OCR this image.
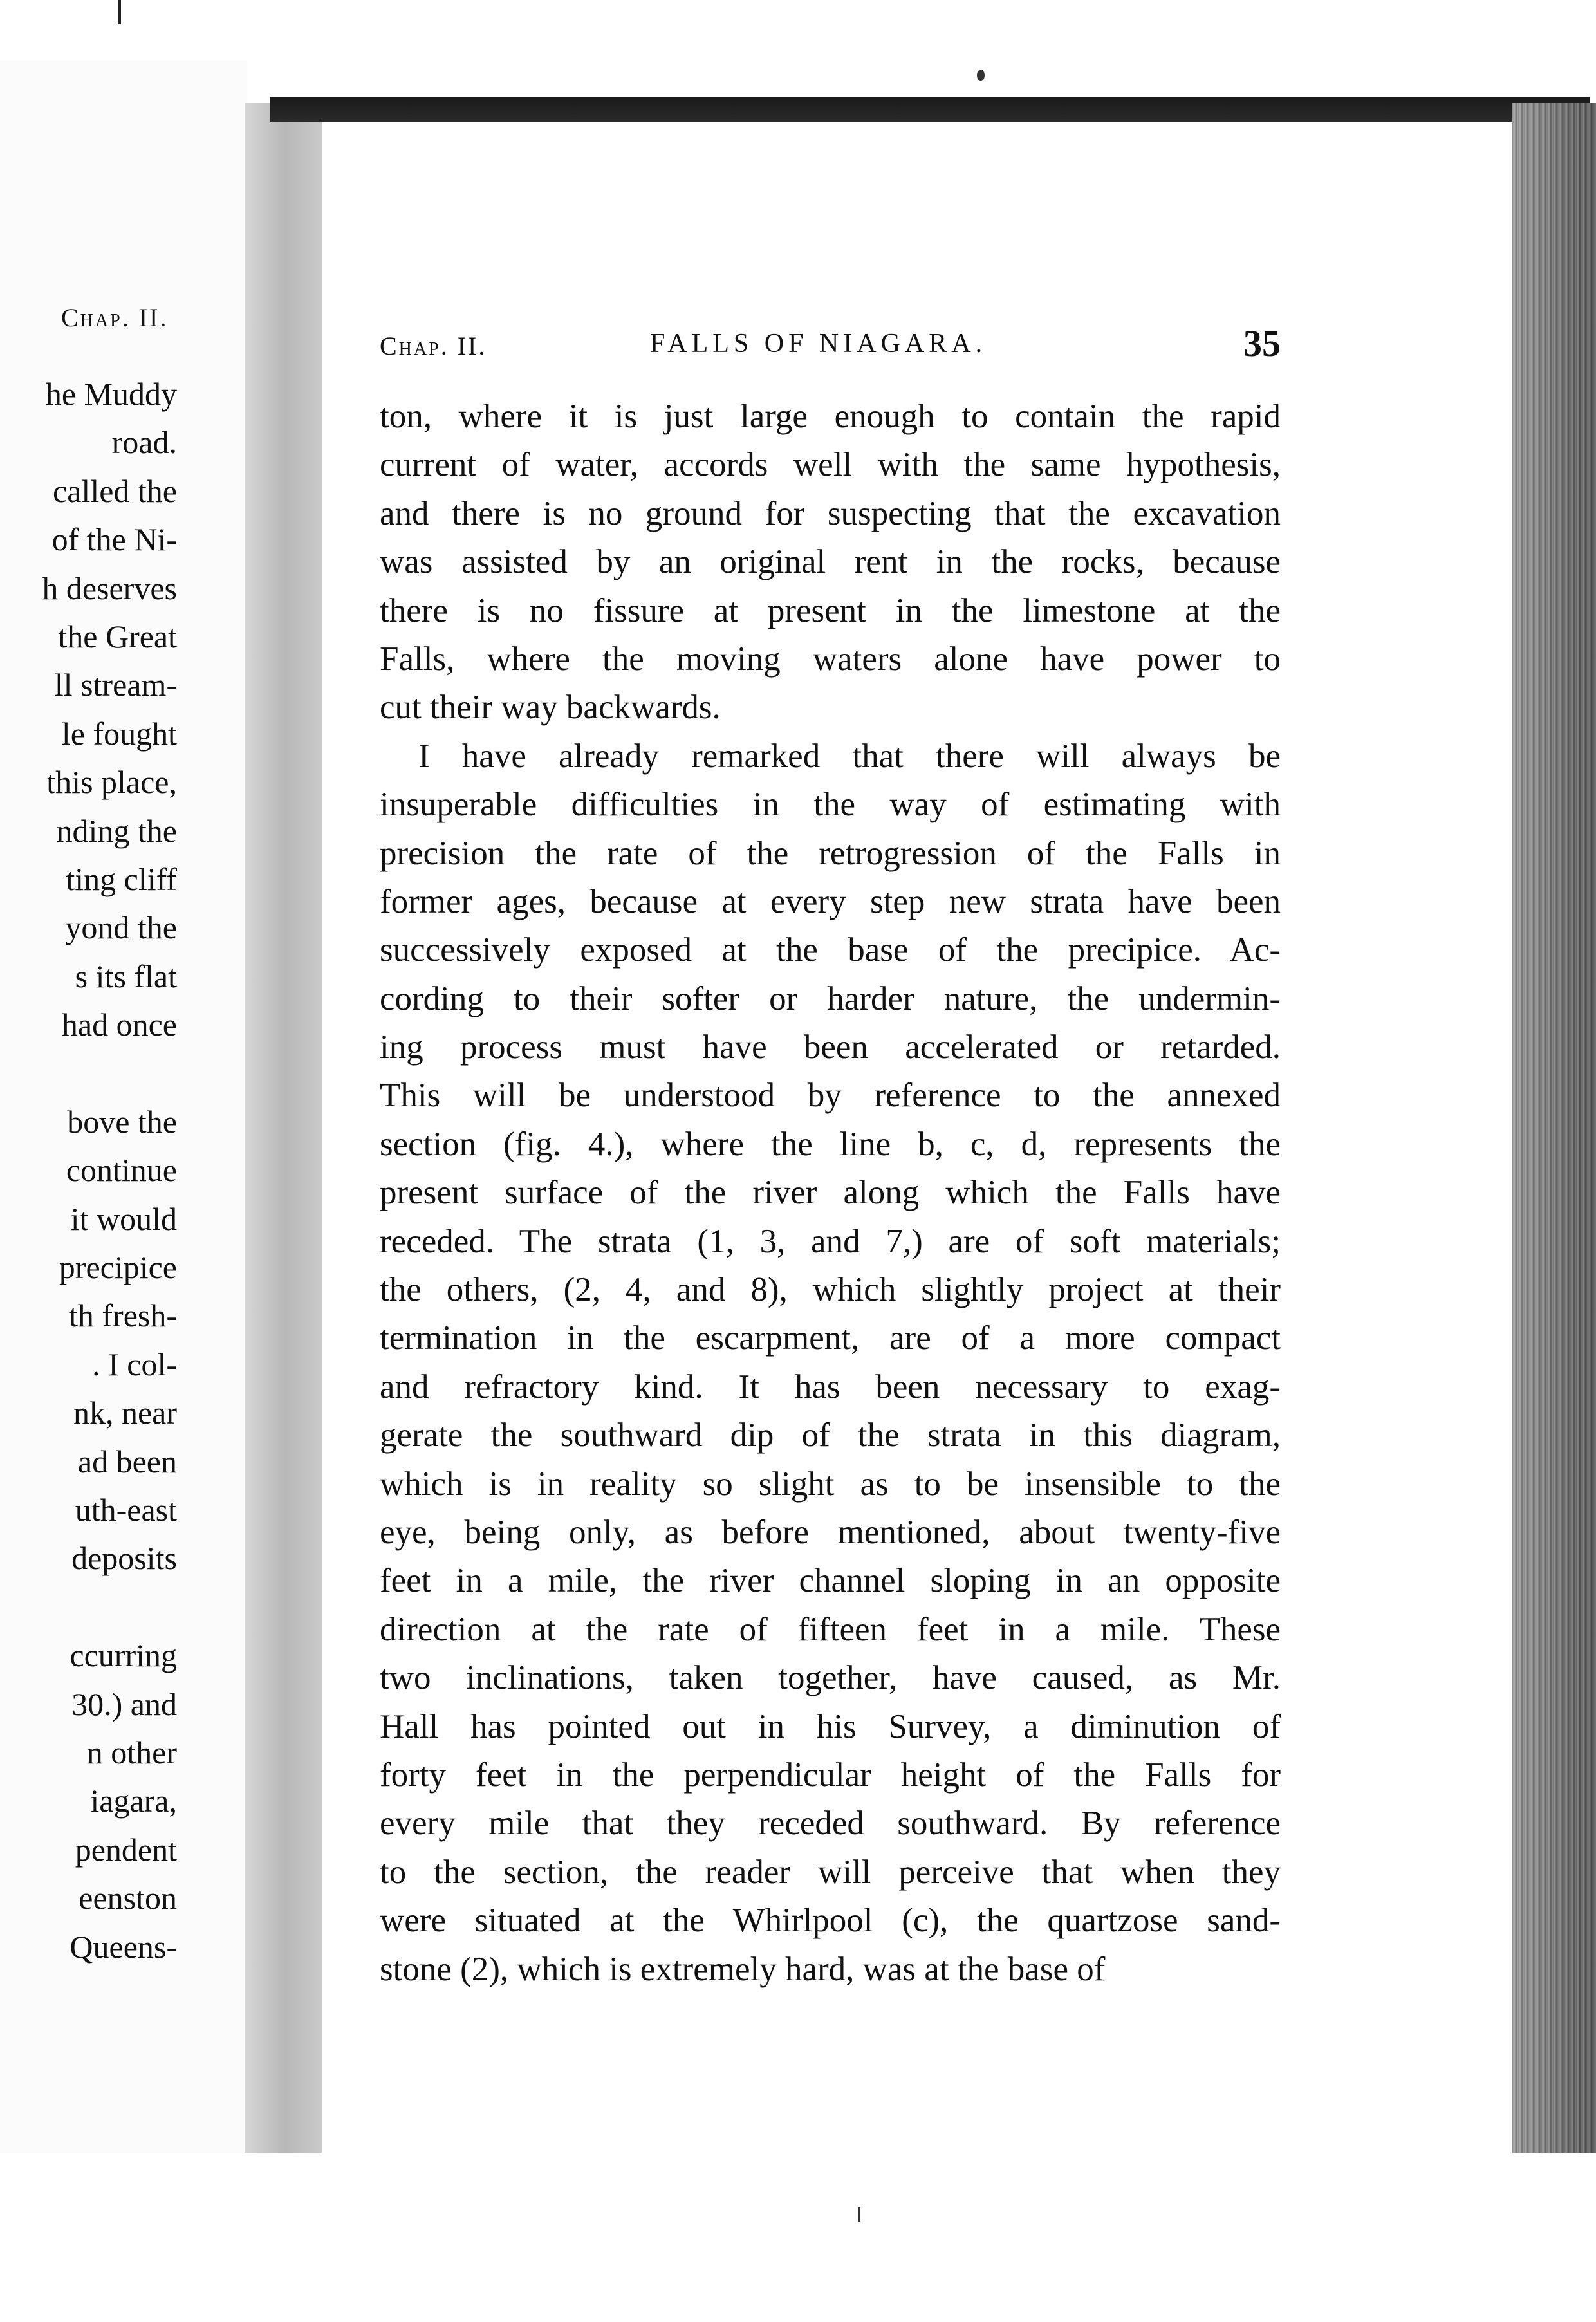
Chap. II.
he Muddy
road.
called the
of the Ni-
h deserves
the Great
ll stream-
le fought
this place,
nding the
ting cliff
yond the
s its flat
had once
bove the
continue
it would
precipice
th fresh-
. I col-
nk, near
ad been
uth-east
deposits
ccurring
30.) and
n other
iagara,
pendent
eenston
Queens-
Chap. II.	FALLS OF NIAGARA.	35
ton, where it is just large enough to contain the rapid
current of water, accords well with the same hypothesis,
and there is no ground for suspecting that the excavation
was assisted by an original rent in the rocks, because
there is no fissure at present in the limestone at the
Falls, where the moving waters alone have power to
cut their way backwards.
I have already remarked that there will always be
insuperable difficulties in the way of estimating with
precision the rate of the retrogression of the Falls in
former ages, because at every step new strata have been
successively exposed at the base of the precipice. Ac-
cording to their softer or harder nature, the undermin-
ing process must have been accelerated or retarded.
This will be understood by reference to the annexed
section (fig. 4.), where the line b, c, d, represents the
present surface of the river along which the Falls have
receded. The strata (1, 3, and 7,) are of soft materials;
the others, (2, 4, and 8), which slightly project at their
termination in the escarpment, are of a more compact
and refractory kind. It has been necessary to exag-
gerate the southward dip of the strata in this diagram,
which is in reality so slight as to be insensible to the
eye, being only, as before mentioned, about twenty-five
feet in a mile, the river channel sloping in an opposite
direction at the rate of fifteen feet in a mile. These
two inclinations, taken together, have caused, as Mr.
Hall has pointed out in his Survey, a diminution of
forty feet in the perpendicular height of the Falls for
every mile that they receded southward. By reference
to the section, the reader will perceive that when they
were situated at the Whirlpool (c), the quartzose sand-
stone (2), which is extremely hard, was at the base of
